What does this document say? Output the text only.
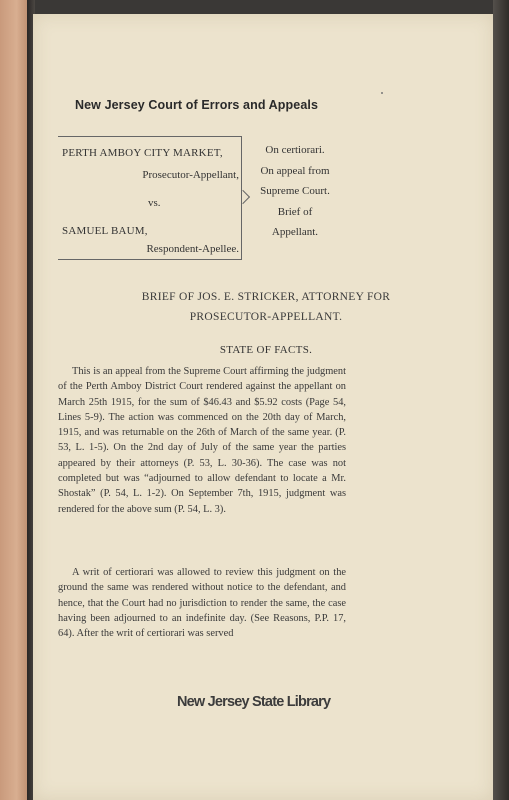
New Jersey Court of Errors and Appeals
PERTH AMBOY CITY MARKET,
Prosecutor-Appellant,
vs.
SAMUEL BAUM,
Respondent-Apellee.
On certiorari.
On appeal from
Supreme Court.
Brief of
Appellant.
BRIEF OF JOS. E. STRICKER, ATTORNEY FOR
PROSECUTOR-APPELLANT.
STATE OF FACTS.
This is an appeal from the Supreme Court affirming the judgment of the Perth Amboy District Court rendered against the appellant on March 25th 1915, for the sum of $46.43 and $5.92 costs (Page 54, Lines 5-9). The action was commenced on the 20th day of March, 1915, and was returnable on the 26th of March of the same year. (P. 53, L. 1-5). On the 2nd day of July of the same year the parties appeared by their attorneys (P. 53, L. 30-36). The case was not completed but was “adjourned to allow defendant to locate a Mr. Shostak” (P. 54, L. 1-2). On September 7th, 1915, judgment was rendered for the above sum (P. 54, L. 3).
A writ of certiorari was allowed to review this judgment on the ground the same was rendered without notice to the defendant, and hence, that the Court had no jurisdiction to render the same, the case having been adjourned to an indefinite day. (See Reasons, P.P. 17, 64). After the writ of certiorari was served
New Jersey State Library
